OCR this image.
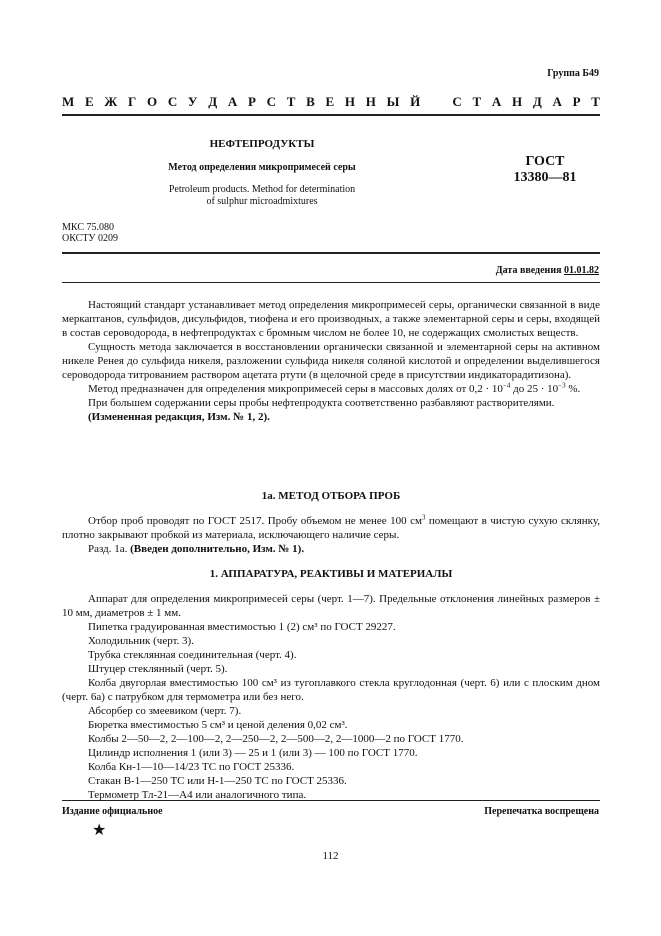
Группа Б49
М Е Ж Г О С У Д А Р С Т В Е Н Н Ы Й С Т А Н Д А Р Т
НЕФТЕПРОДУКТЫ
Метод определения микропримесей серы
Petroleum products. Method for determination
of sulphur microadmixtures
ГОСТ
13380—81
МКС 75.080
ОКСТУ 0209
Дата введения 01.01.82

Настоящий стандарт устанавливает метод определения микропримесей серы, органически связанной в виде меркаптанов, сульфидов, дисульфидов, тиофена и его производных, а также элементарной серы и серы, входящей в состав сероводорода, в нефтепродуктах с бромным числом не более 10, не содержащих смолистых веществ.

Сущность метода заключается в восстановлении органически связанной и элементарной серы на активном никеле Ренея до сульфида никеля, разложении сульфида никеля соляной кислотой и определении выделившегося сероводорода титрованием раствором ацетата ртути (в щелочной среде в присутствии индикаторадитизона).

Метод предназначен для определения микропримесей серы в массовых долях от $0,2 \cdot 10^{-4}$ до $25 \cdot 10^{-3}$ %.

При большем содержании серы пробы нефтепродукта соответственно разбавляют растворителями.

(Измененная редакция, Изм. № 1, 2).

1а. МЕТОД ОТБОРА ПРОБ

Отбор проб проводят по ГОСТ 2517. Пробу объемом не менее 100 $см^3$ помещают в чистую сухую склянку, плотно закрывают пробкой из материала, исключающего наличие серы.

Разд. 1а. (Введен дополнительно, Изм. № 1).

1. АППАРАТУРА, РЕАКТИВЫ И МАТЕРИАЛЫ
Аппарат для определения микропримесей серы (черт. 1—7). Предельные отклонения линейных размеров ± 10 мм, диаметров ± 1 мм.
Пипетка градуированная вместимостью 1 (2) см³ по ГОСТ 29227.
Холодильник (черт. 3).
Трубка стеклянная соединительная (черт. 4).
Штуцер стеклянный (черт. 5).
Колба двугорлая вместимостью 100 см³ из тугоплавкого стекла круглодонная (черт. 6) или с плоским дном (черт. 6а) с патрубком для термометра или без него.
Абсорбер со змеевиком (черт. 7).
Бюретка вместимостью 5 см³ и ценой деления 0,02 см³.
Колбы 2—50—2, 2—100—2, 2—250—2, 2—500—2, 2—1000—2 по ГОСТ 1770.
Цилиндр исполнения 1 (или 3) — 25 и 1 (или 3) — 100 по ГОСТ 1770.
Колба Кн-1—10—14/23 ТС по ГОСТ 25336.
Стакан В-1—250 ТС или Н-1—250 ТС по ГОСТ 25336.
Термометр Тл-21—А4 или аналогичного типа.
Издание официальное	Перепечатка воспрещена
★
112
